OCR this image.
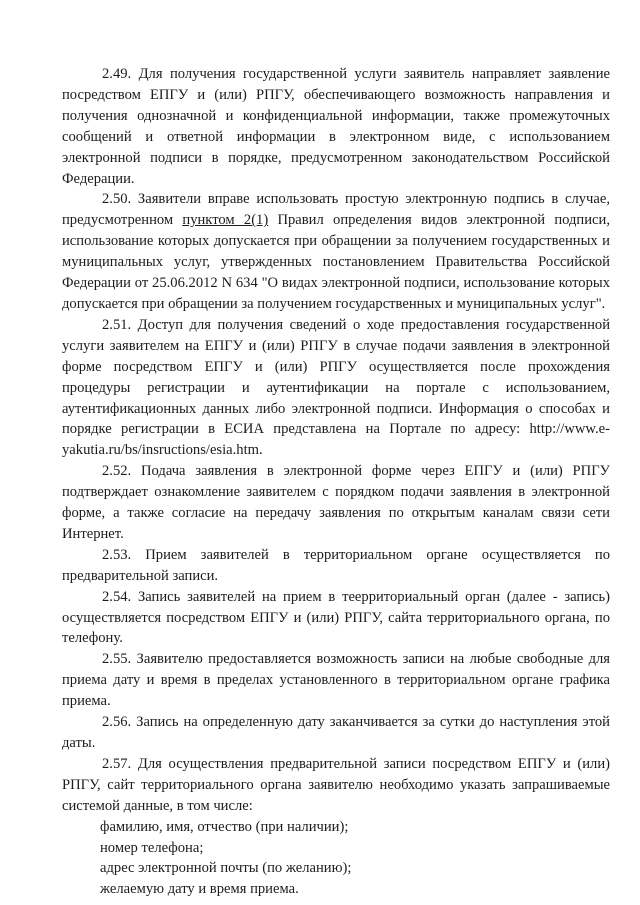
2.49. Для получения государственной услуги заявитель направляет заявление посредством ЕПГУ и (или) РПГУ, обеспечивающего возможность направления и получения однозначной и конфиденциальной информации, также промежуточных сообщений и ответной информации в электронном виде, с использованием электронной подписи в порядке, предусмотренном законодательством Российской Федерации.

2.50. Заявители вправе использовать простую электронную подпись в случае, предусмотренном пунктом 2(1) Правил определения видов электронной подписи, использование которых допускается при обращении за получением государственных и муниципальных услуг, утвержденных постановлением Правительства Российской Федерации от 25.06.2012 N 634 "О видах электронной подписи, использование которых допускается при обращении за получением государственных и муниципальных услуг".

2.51. Доступ для получения сведений о ходе предоставления государственной услуги заявителем на ЕПГУ и (или) РПГУ в случае подачи заявления в электронной форме посредством ЕПГУ и (или) РПГУ осуществляется после прохождения процедуры регистрации и аутентификации на портале с использованием, аутентификационных данных либо электронной подписи. Информация о способах и порядке регистрации в ЕСИА представлена на Портале по адресу: http://www.e-yakutia.ru/bs/insructions/esia.htm.

2.52. Подача заявления в электронной форме через ЕПГУ и (или) РПГУ подтверждает ознакомление заявителем с порядком подачи заявления в электронной форме, а также согласие на передачу заявления по открытым каналам связи сети Интернет.

2.53. Прием заявителей в территориальном органе осуществляется по предварительной записи.

2.54. Запись заявителей на прием в теерриториальный орган (далее - запись) осуществляется посредством ЕПГУ и (или) РПГУ, сайта территориального органа, по телефону.

2.55. Заявителю предоставляется возможность записи на любые свободные для приема дату и время в пределах установленного в территориальном органе графика приема.

2.56. Запись на определенную дату заканчивается за сутки до наступления этой даты.

2.57. Для осуществления предварительной записи посредством ЕПГУ и (или) РПГУ, сайт территориального органа заявителю необходимо указать запрашиваемые системой данные, в том числе:

фамилию, имя, отчество (при наличии);

номер телефона;

адрес электронной почты (по желанию);

желаемую дату и время приема.
